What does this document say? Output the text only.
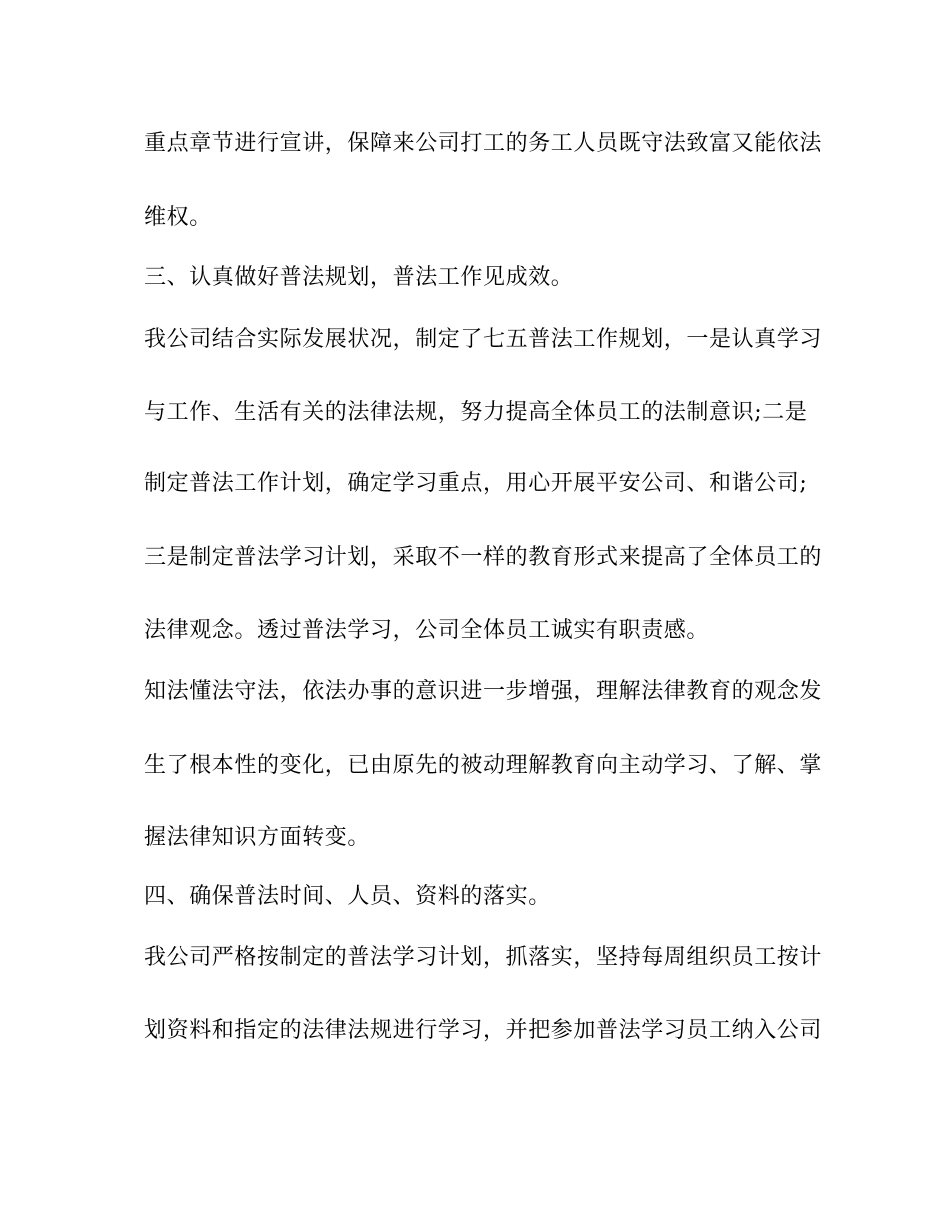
重点章节进行宣讲，保障来公司打工的务工人员既守法致富又能依法
维权。
三、认真做好普法规划，普法工作见成效。
我公司结合实际发展状况，制定了七五普法工作规划，一是认真学习
与工作、生活有关的法律法规，努力提高全体员工的法制意识;二是
制定普法工作计划，确定学习重点，用心开展平安公司、和谐公司;
三是制定普法学习计划，采取不一样的教育形式来提高了全体员工的
法律观念。透过普法学习，公司全体员工诚实有职责感。
知法懂法守法，依法办事的意识进一步增强，理解法律教育的观念发
生了根本性的变化，已由原先的被动理解教育向主动学习、了解、掌
握法律知识方面转变。
四、确保普法时间、人员、资料的落实。
我公司严格按制定的普法学习计划，抓落实，坚持每周组织员工按计
划资料和指定的法律法规进行学习，并把参加普法学习员工纳入公司
